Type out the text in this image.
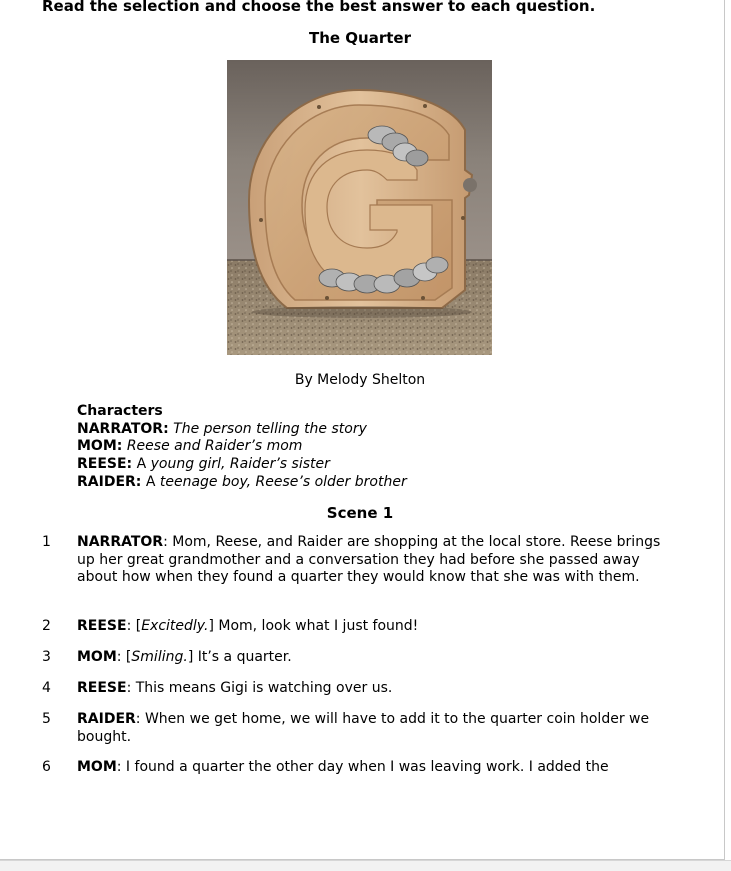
Read the selection and choose the best answer to each question.
The Quarter
By Melody Shelton
Characters
NARRATOR: The person telling the story
MOM: Reese and Raider’s mom
REESE: A young girl, Raider’s sister
RAIDER: A teenage boy, Reese’s older brother
Scene 1
1 NARRATOR: Mom, Reese, and Raider are shopping at the local store. Reese brings up her great grandmother and a conversation they had before she passed away about how when they found a quarter they would know that she was with them.
2 REESE: [Excitedly.] Mom, look what I just found!
3 MOM: [Smiling.] It’s a quarter.
4 REESE: This means Gigi is watching over us.
5 RAIDER: When we get home, we will have to add it to the quarter coin holder we bought.
6 MOM: I found a quarter the other day when I was leaving work. I added the
